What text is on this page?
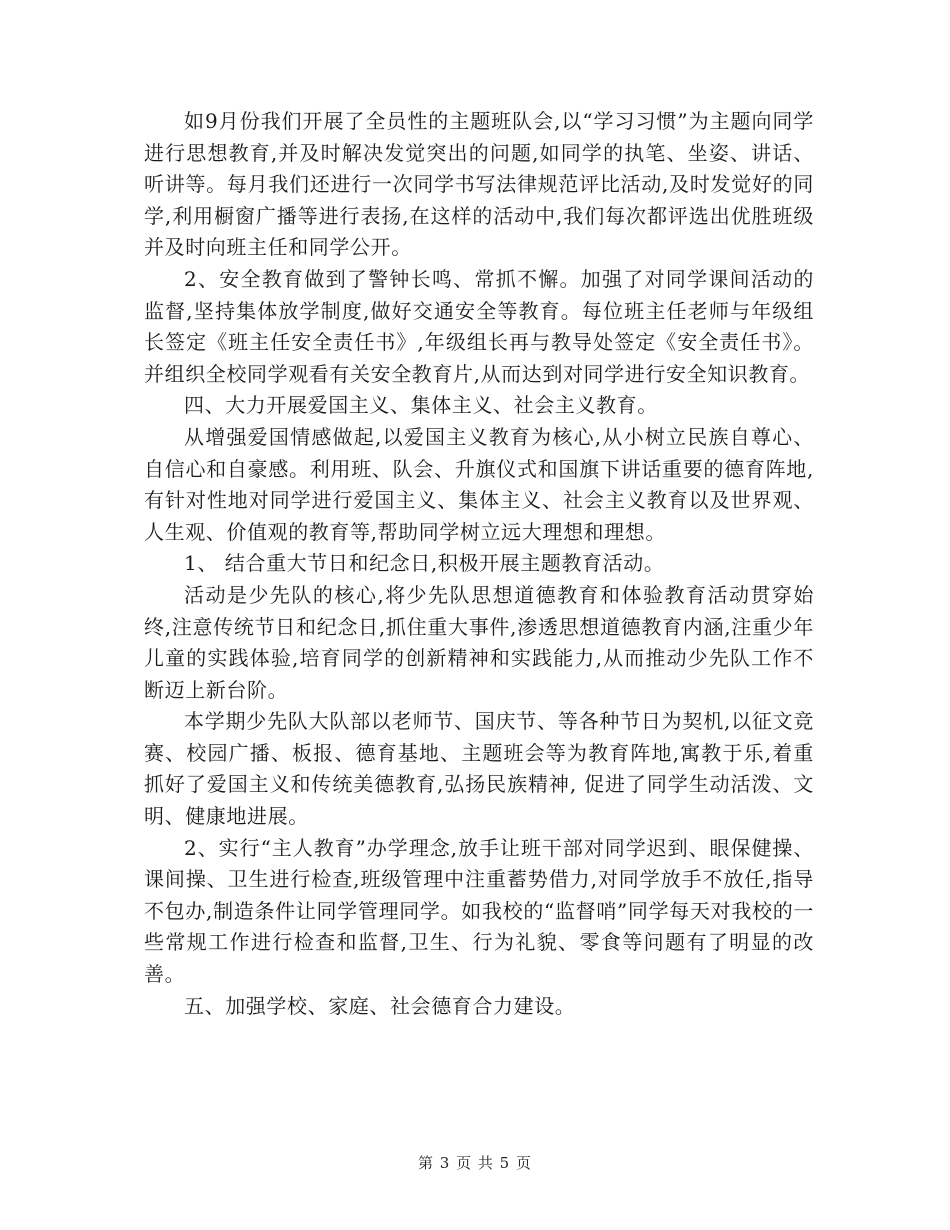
如9月份我们开展了全员性的主题班队会,以“学习习惯”为主题向同学进行思想教育,并及时解决发觉突出的问题,如同学的执笔、坐姿、讲话、听讲等。每月我们还进行一次同学书写法律规范评比活动,及时发觉好的同学,利用橱窗广播等进行表扬,在这样的活动中,我们每次都评选出优胜班级并及时向班主任和同学公开。

2、安全教育做到了警钟长鸣、常抓不懈。加强了对同学课间活动的监督,坚持集体放学制度,做好交通安全等教育。每位班主任老师与年级组长签定《班主任安全责任书》,年级组长再与教导处签定《安全责任书》。并组织全校同学观看有关安全教育片,从而达到对同学进行安全知识教育。

四、大力开展爱国主义、集体主义、社会主义教育。

从增强爱国情感做起,以爱国主义教育为核心,从小树立民族自尊心、自信心和自豪感。利用班、队会、升旗仪式和国旗下讲话重要的德育阵地,有针对性地对同学进行爱国主义、集体主义、社会主义教育以及世界观、人生观、价值观的教育等,帮助同学树立远大理想和理想。

1、 结合重大节日和纪念日,积极开展主题教育活动。

活动是少先队的核心,将少先队思想道德教育和体验教育活动贯穿始终,注意传统节日和纪念日,抓住重大事件,渗透思想道德教育内涵,注重少年儿童的实践体验,培育同学的创新精神和实践能力,从而推动少先队工作不断迈上新台阶。

本学期少先队大队部以老师节、国庆节、等各种节日为契机,以征文竞赛、校园广播、板报、德育基地、主题班会等为教育阵地,寓教于乐,着重抓好了爱国主义和传统美德教育,弘扬民族精神, 促进了同学生动活泼、文明、健康地进展。

2、实行“主人教育”办学理念,放手让班干部对同学迟到、眼保健操、课间操、卫生进行检查,班级管理中注重蓄势借力,对同学放手不放任,指导不包办,制造条件让同学管理同学。如我校的“监督哨”同学每天对我校的一些常规工作进行检查和监督,卫生、行为礼貌、零食等问题有了明显的改善。

五、加强学校、家庭、社会德育合力建设。

第 3 页 共 5 页
